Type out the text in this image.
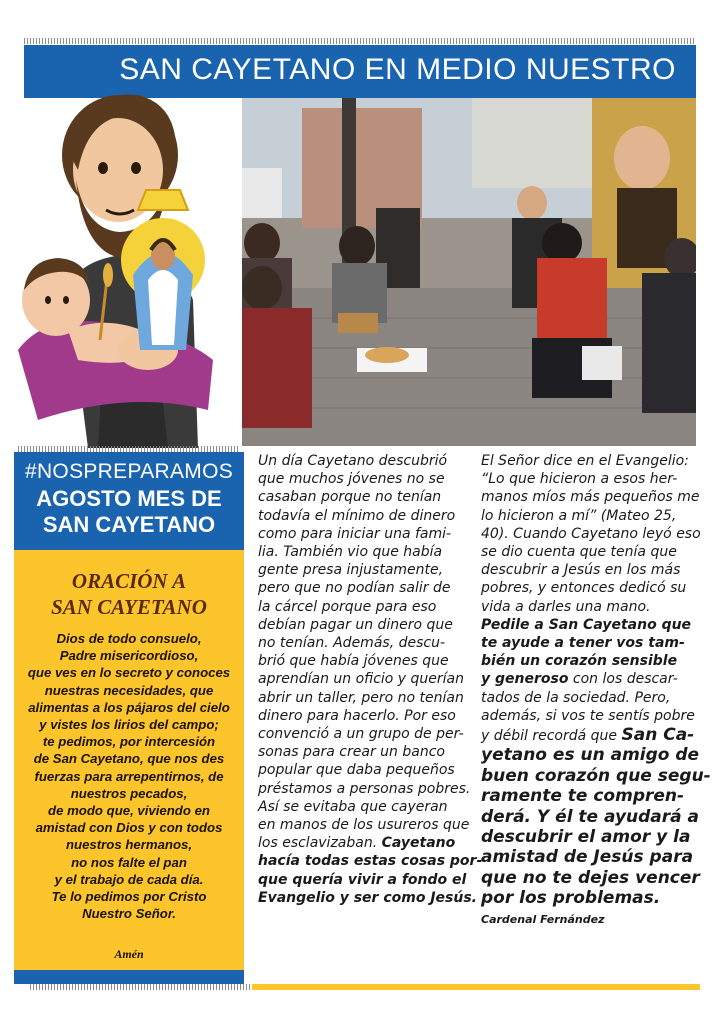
SAN CAYETANO EN MEDIO NUESTRO
#NOSPREPARAMOS
AGOSTO MES DE
SAN CAYETANO
ORACIÓN A
SAN CAYETANO
Dios de todo consuelo,
Padre misericordioso,
que ves en lo secreto y conoces
nuestras necesidades, que
alimentas a los pájaros del cielo
y vistes los lirios del campo;
te pedimos, por intercesión
de San Cayetano, que nos des
fuerzas para arrepentirnos, de
nuestros pecados,
de modo que, viviendo en
amistad con Dios y con todos
nuestros hermanos,
no nos falte el pan
y el trabajo de cada día.
Te lo pedimos por Cristo
Nuestro Señor.
Amén
Un día Cayetano descubrió
que muchos jóvenes no se
casaban porque no tenían
todavía el mínimo de dinero
como para iniciar una fami-
lia. También vio que había
gente presa injustamente,
pero que no podían salir de
la cárcel porque para eso
debían pagar un dinero que
no tenían. Además, descu-
brió que había jóvenes que
aprendían un oficio y querían
abrir un taller, pero no tenían
dinero para hacerlo. Por eso
convenció a un grupo de per-
sonas para crear un banco
popular que daba pequeños
préstamos a personas pobres.
Así se evitaba que cayeran
en manos de los usureros que
los esclavizaban. Cayetano
hacía todas estas cosas por-
que quería vivir a fondo el
Evangelio y ser como Jesús.
El Señor dice en el Evangelio:
“Lo que hicieron a esos her-
manos míos más pequeños me
lo hicieron a mí” (Mateo 25,
40). Cuando Cayetano leyó eso
se dio cuenta que tenía que
descubrir a Jesús en los más
pobres, y entonces dedicó su
vida a darles una mano.
Pedile a San Cayetano que
te ayude a tener vos tam-
bién un corazón sensible
y generoso con los descar-
tados de la sociedad. Pero,
además, si vos te sentís pobre
y débil recordá que San Ca-
yetano es un amigo de
buen corazón que segu-
ramente te compren-
derá. Y él te ayudará a
descubrir el amor y la
amistad de Jesús para
que no te dejes vencer
por los problemas.
Cardenal Fernández
